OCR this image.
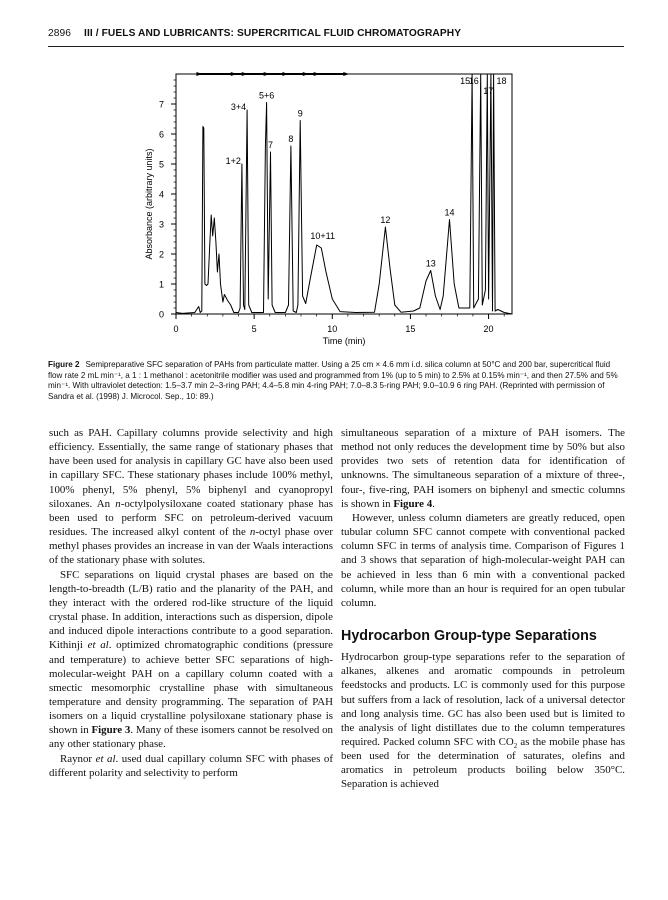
2896 III / FUELS AND LUBRICANTS: SUPERCRITICAL FLUID CHROMATOGRAPHY
0
1
2
3
4
5
6
7
0	5	10	15	20
Time (min)
Absorbance (arbitrary units)	1+2
3+4
5+6
7
8
9
10+11
12
13
14
15
16
17
18
Figure 2 Semipreparative SFC separation of PAHs from particulate matter. Using a 25 cm × 4.6 mm i.d. silica column at 50°C and 200 bar, supercritical fluid flow rate 2 mL min⁻¹, a 1 : 1 methanol : acetonitrile modifier was used and programmed from 1% (up to 5 min) to 2.5% at 0.15% min⁻¹, and then 27.5% and 5% min⁻¹. With ultraviolet detection: 1.5–3.7 min 2–3-ring PAH; 4.4–5.8 min 4-ring PAH; 7.0–8.3 5-ring PAH; 9.0–10.9 6 ring PAH. (Reprinted with permission of Sandra et al. (1998) J. Microcol. Sep., 10: 89.)

such as PAH. Capillary columns provide selectivity and high efficiency. Essentially, the same range of stationary phases that have been used for analysis in capillary GC have also been used in capillary SFC. These stationary phases include 100% methyl, 100% phenyl, 5% phenyl, 5% biphenyl and cyanopropyl siloxanes. An n-octylpolysiloxane coated stationary phase has been used to perform SFC on petroleum-derived vacuum residues. The increased alkyl content of the n-octyl phase over methyl phases provides an increase in van der Waals interactions of the stationary phase with solutes.

SFC separations on liquid crystal phases are based on the length-to-breadth (L/B) ratio and the planarity of the PAH, and they interact with the ordered rod-like structure of the liquid crystal phase. In addition, interactions such as dispersion, dipole and induced dipole interactions contribute to a good separation. Kithinji et al. optimized chromatographic conditions (pressure and temperature) to achieve better SFC separations of high-molecular-weight PAH on a capillary column coated with a smectic mesomorphic crystalline phase with simultaneous temperature and density programming. The separation of PAH isomers on a liquid crystalline polysiloxane stationary phase is shown in Figure 3. Many of these isomers cannot be resolved on any other stationary phase.

Raynor et al. used dual capillary column SFC with phases of different polarity and selectivity to perform

simultaneous separation of a mixture of PAH isomers. The method not only reduces the development time by 50% but also provides two sets of retention data for identification of unknowns. The simultaneous separation of a mixture of three-, four-, five-ring, PAH isomers on biphenyl and smectic columns is shown in Figure 4.

However, unless column diameters are greatly reduced, open tubular column SFC cannot compete with conventional packed column SFC in terms of analysis time. Comparison of Figures 1 and 3 shows that separation of high-molecular-weight PAH can be achieved in less than 6 min with a conventional packed column, while more than an hour is required for an open tubular column.

Hydrocarbon Group-type Separations

Hydrocarbon group-type separations refer to the separation of alkanes, alkenes and aromatic compounds in petroleum feedstocks and products. LC is commonly used for this purpose but suffers from a lack of resolution, lack of a universal detector and long analysis time. GC has also been used but is limited to the analysis of light distillates due to the column temperatures required. Packed column SFC with $CO_2$ as the mobile phase has been used for the determination of saturates, olefins and aromatics in petroleum products boiling below 350°C. Separation is achieved
